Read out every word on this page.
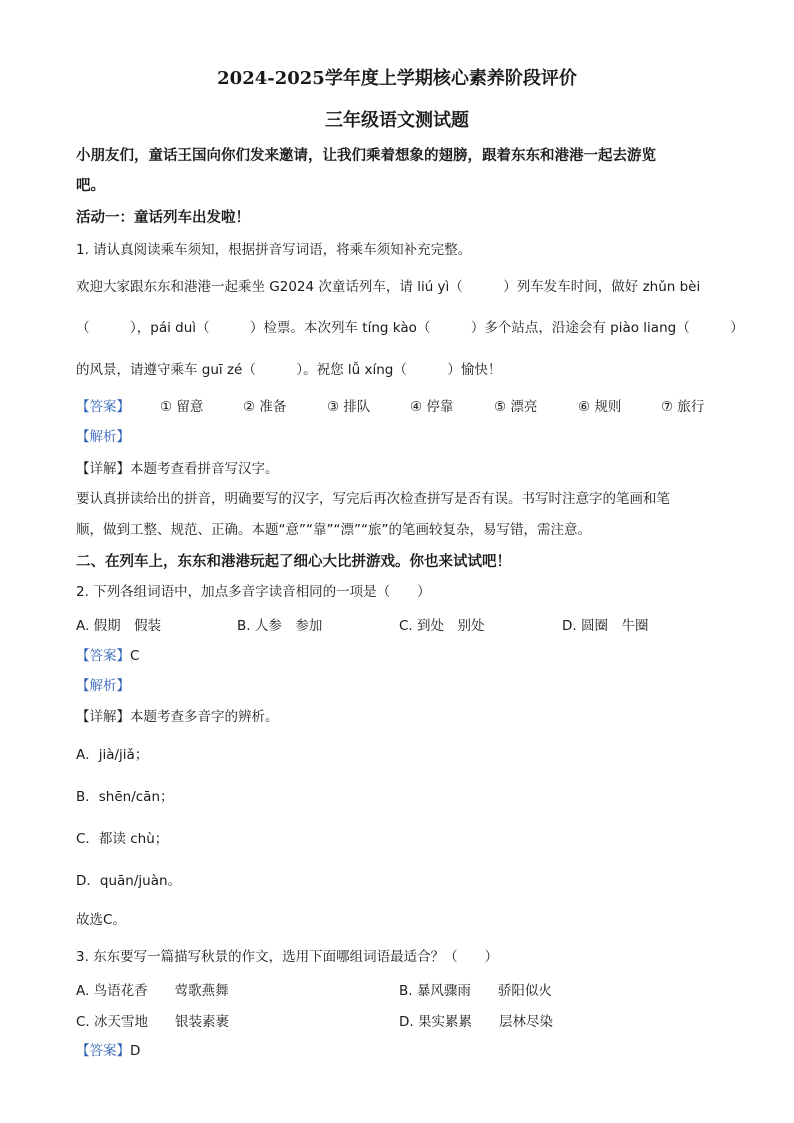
2024-2025学年度上学期核心素养阶段评价
三年级语文测试题
小朋友们，童话王国向你们发来邀请，让我们乘着想象的翅膀，跟着东东和港港一起去游览
吧。
活动一：童话列车出发啦！
1. 请认真阅读乘车须知，根据拼音写词语，将乘车须知补充完整。
欢迎大家跟东东和港港一起乘坐 G2024 次童话列车，请 liú yì（　　　）列车发车时间，做好 zhǔn bèi
（　　　），pái duì（　　　）检票。本次列车 tíng kào（　　　）多个站点，沿途会有 piào liang（　　　）
的风景，请遵守乘车 guī zé（　　　）。祝您 lǚ xíng（　　　）愉快！
【答案】 ① 留意	② 准备	③ 排队	④ 停靠	⑤ 漂亮	⑥ 规则	⑦ 旅行
【解析】
【详解】本题考查看拼音写汉字。
要认真拼读给出的拼音，明确要写的汉字，写完后再次检查拼写是否有误。书写时注意字的笔画和笔
顺，做到工整、规范、正确。本题“意”“靠”“漂”“旅”的笔画较复杂，易写错，需注意。
二、在列车上，东东和港港玩起了细心大比拼游戏。你也来试试吧！
2. 下列各组词语中，加点多音字读音相同的一项是（　　）
A. 假期　假装	B. 人参　参加	C. 到处　别处	D. 圆圈　牛圈
【答案】C
【解析】
【详解】本题考查多音字的辨析。
A．jià/jiǎ；
B．shēn/cān；
C．都读 chù；
D．quān/juàn。
故选C。
3. 东东要写一篇描写秋景的作文，选用下面哪组词语最适合？（　　）
A. 鸟语花香　　莺歌燕舞	B. 暴风骤雨　　骄阳似火
C. 冰天雪地　　银装素裹	D. 果实累累　　层林尽染
【答案】D
